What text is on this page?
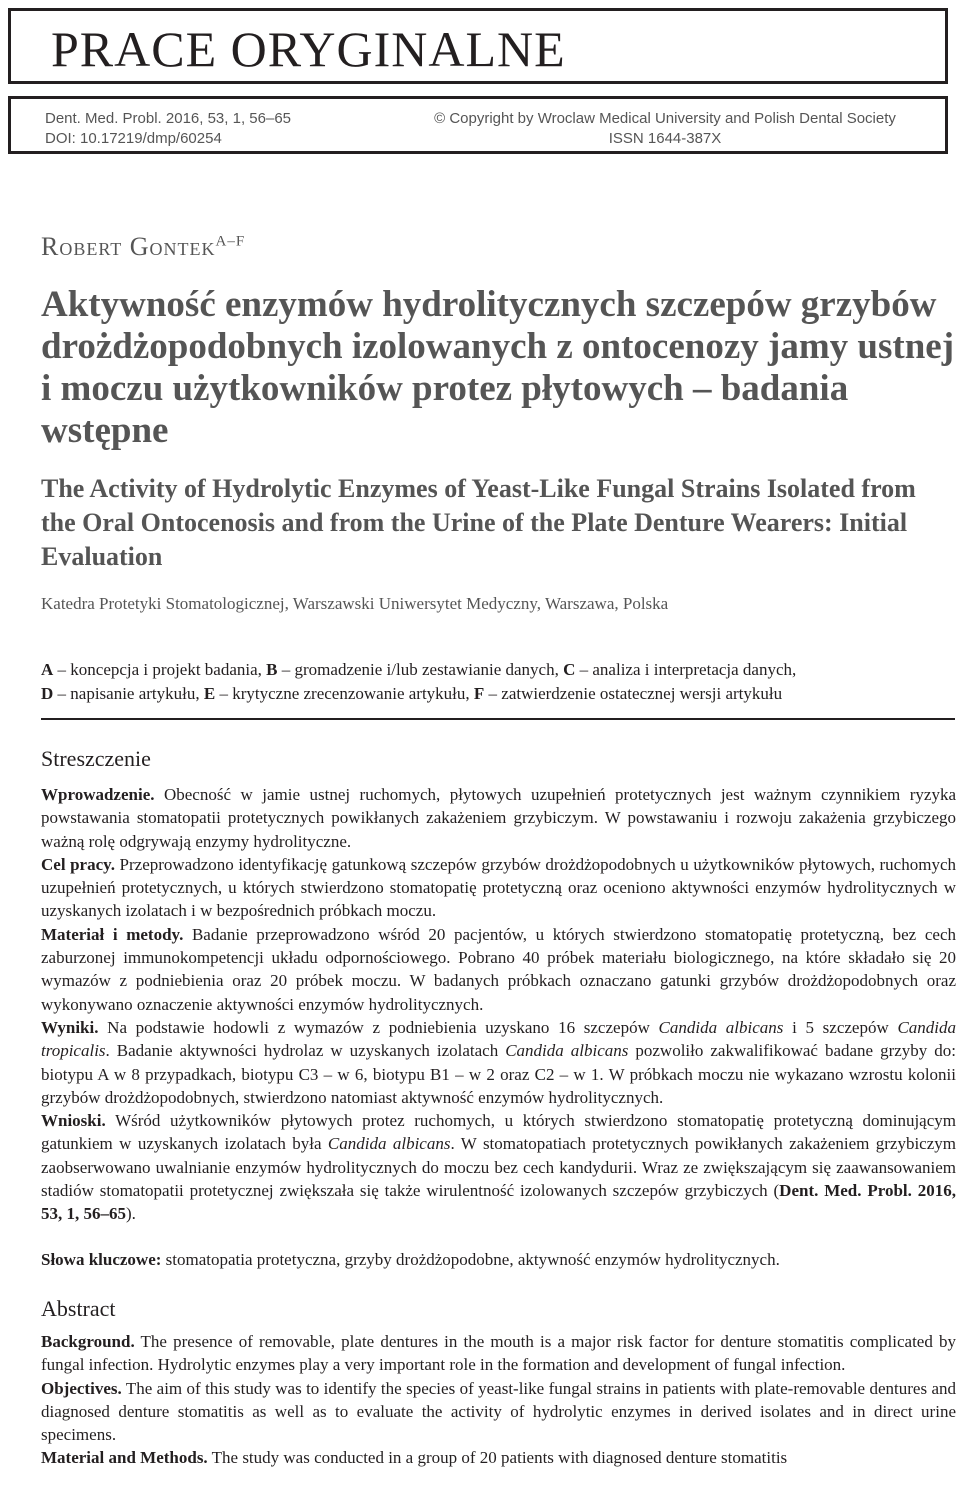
PRACE ORYGINALNE
Dent. Med. Probl. 2016, 53, 1, 56–65
DOI: 10.17219/dmp/60254
© Copyright by Wroclaw Medical University and Polish Dental Society
ISSN 1644-387X
Robert Gontek$^{A-F}$
Aktywność enzymów hydrolitycznych szczepów grzybów drożdżopodobnych izolowanych z ontocenozy jamy ustnej i moczu użytkowników protez płytowych – badania wstępne
The Activity of Hydrolytic Enzymes of Yeast-Like Fungal Strains Isolated from the Oral Ontocenosis and from the Urine of the Plate Denture Wearers: Initial Evaluation
Katedra Protetyki Stomatologicznej, Warszawski Uniwersytet Medyczny, Warszawa, Polska
A – koncepcja i projekt badania, B – gromadzenie i/lub zestawianie danych, C – analiza i interpretacja danych,
D – napisanie artykułu, E – krytyczne zrecenzowanie artykułu, F – zatwierdzenie ostatecznej wersji artykułu
Streszczenie

Wprowadzenie. Obecność w jamie ustnej ruchomych, płytowych uzupełnień protetycznych jest ważnym czynnikiem ryzyka powstawania stomatopatii protetycznych powikłanych zakażeniem grzybiczym. W powstawaniu i rozwoju zakażenia grzybiczego ważną rolę odgrywają enzymy hydrolityczne.

Cel pracy. Przeprowadzono identyfikację gatunkową szczepów grzybów drożdżopodobnych u użytkowników płytowych, ruchomych uzupełnień protetycznych, u których stwierdzono stomatopatię protetyczną oraz oceniono aktywności enzymów hydrolitycznych w uzyskanych izolatach i w bezpośrednich próbkach moczu.

Materiał i metody. Badanie przeprowadzono wśród 20 pacjentów, u których stwierdzono stomatopatię protetyczną, bez cech zaburzonej immunokompetencji układu odpornościowego. Pobrano 40 próbek materiału biologicznego, na które składało się 20 wymazów z podniebienia oraz 20 próbek moczu. W badanych próbkach oznaczano gatunki grzybów drożdżopodobnych oraz wykonywano oznaczenie aktywności enzymów hydrolitycznych.

Wyniki. Na podstawie hodowli z wymazów z podniebienia uzyskano 16 szczepów Candida albicans i 5 szczepów Candida tropicalis. Badanie aktywności hydrolaz w uzyskanych izolatach Candida albicans pozwoliło zakwalifikować badane grzyby do: biotypu A w 8 przypadkach, biotypu C3 – w 6, biotypu B1 – w 2 oraz C2 – w 1. W próbkach moczu nie wykazano wzrostu kolonii grzybów drożdżopodobnych, stwierdzono natomiast aktywność enzymów hydrolitycznych.

Wnioski. Wśród użytkowników płytowych protez ruchomych, u których stwierdzono stomatopatię protetyczną dominującym gatunkiem w uzyskanych izolatach była Candida albicans. W stomatopatiach protetycznych powikłanych zakażeniem grzybiczym zaobserwowano uwalnianie enzymów hydrolitycznych do moczu bez cech kandydurii. Wraz ze zwiększającym się zaawansowaniem stadiów stomatopatii protetycznej zwiększała się także wirulentność izolowanych szczepów grzybiczych (Dent. Med. Probl. 2016, 53, 1, 56–65).

Słowa kluczowe: stomatopatia protetyczna, grzyby drożdżopodobne, aktywność enzymów hydrolitycznych.

Abstract

Background. The presence of removable, plate dentures in the mouth is a major risk factor for denture stomatitis complicated by fungal infection. Hydrolytic enzymes play a very important role in the formation and development of fungal infection.

Objectives. The aim of this study was to identify the species of yeast-like fungal strains in patients with plate-removable dentures and diagnosed denture stomatitis as well as to evaluate the activity of hydrolytic enzymes in derived isolates and in direct urine specimens.

Material and Methods. The study was conducted in a group of 20 patients with diagnosed denture stomatitis
